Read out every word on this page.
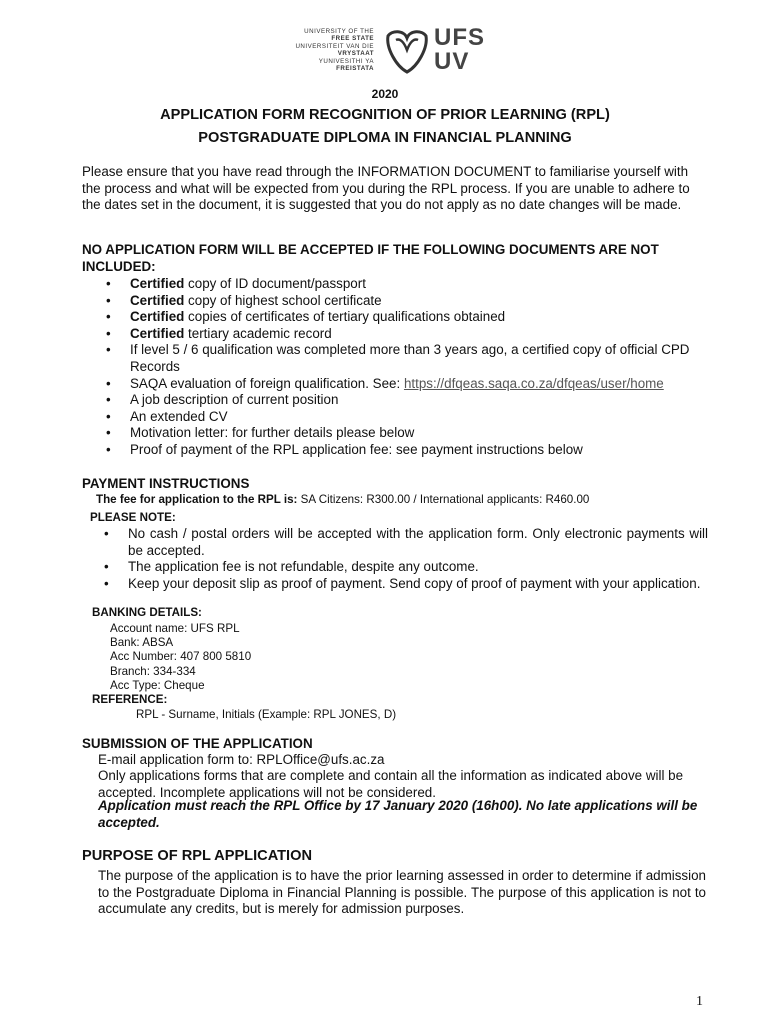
UNIVERSITY OF THE
FREE STATE
UNIVERSITEIT VAN DIE
VRYSTAAT
YUNIVESITHI YA
FREISTATA
UFS
UV
2020
APPLICATION FORM RECOGNITION OF PRIOR LEARNING (RPL)
POSTGRADUATE DIPLOMA IN FINANCIAL PLANNING
Please ensure that you have read through the INFORMATION DOCUMENT to familiarise yourself with the process and what will be expected from you during the RPL process. If you are unable to adhere to the dates set in the document, it is suggested that you do not apply as no date changes will be made.
NO APPLICATION FORM WILL BE ACCEPTED IF THE FOLLOWING DOCUMENTS ARE NOT INCLUDED:
• Certified copy of ID document/passport
• Certified copy of highest school certificate
• Certified copies of certificates of tertiary qualifications obtained
• Certified tertiary academic record
• If level 5 / 6 qualification was completed more than 3 years ago, a certified copy of official CPD Records
• SAQA evaluation of foreign qualification. See: https://dfqeas.saqa.co.za/dfqeas/user/home
• A job description of current position
• An extended CV
• Motivation letter: for further details please below
• Proof of payment of the RPL application fee: see payment instructions below
PAYMENT INSTRUCTIONS
The fee for application to the RPL is: SA Citizens: R300.00 / International applicants: R460.00
PLEASE NOTE:
• No cash / postal orders will be accepted with the application form. Only electronic payments will be accepted.
• The application fee is not refundable, despite any outcome.
• Keep your deposit slip as proof of payment. Send copy of proof of payment with your application.
BANKING DETAILS:
Account name: UFS RPL
Bank: ABSA
Acc Number: 407 800 5810
Branch: 334-334
Acc Type: Cheque
REFERENCE:
RPL - Surname, Initials (Example: RPL JONES, D)
SUBMISSION OF THE APPLICATION
E-mail application form to: RPLOffice@ufs.ac.za
Only applications forms that are complete and contain all the information as indicated above will be accepted. Incomplete applications will not be considered.
Application must reach the RPL Office by 17 January 2020 (16h00). No late applications will be accepted.
PURPOSE OF RPL APPLICATION
The purpose of the application is to have the prior learning assessed in order to determine if admission to the Postgraduate Diploma in Financial Planning is possible. The purpose of this application is not to accumulate any credits, but is merely for admission purposes.
1
